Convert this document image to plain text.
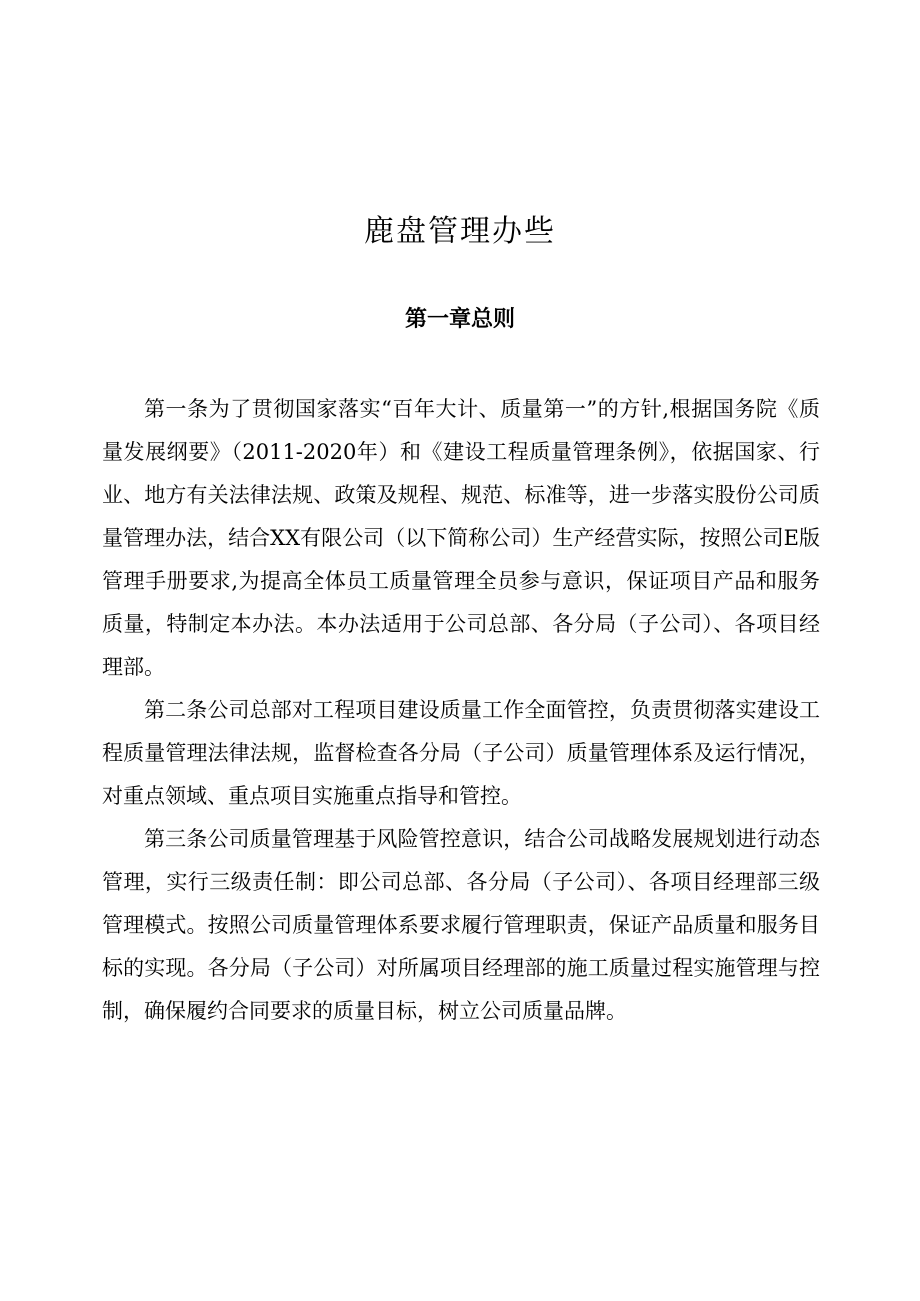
鹿盘管理办些
第一章总则

第一条为了贯彻国家落实“百年大计、质量第一”的方针,根据国务院《质量发展纲要》（2011-2020年）和《建设工程质量管理条例》，依据国家、行业、地方有关法律法规、政策及规程、规范、标准等，进一步落实股份公司质量管理办法，结合XX有限公司（以下简称公司）生产经营实际，按照公司E版管理手册要求,为提高全体员工质量管理全员参与意识，保证项目产品和服务质量，特制定本办法。本办法适用于公司总部、各分局（子公司）、各项目经理部。

第二条公司总部对工程项目建设质量工作全面管控，负责贯彻落实建设工程质量管理法律法规，监督检查各分局（子公司）质量管理体系及运行情况，对重点领域、重点项目实施重点指导和管控。

第三条公司质量管理基于风险管控意识，结合公司战略发展规划进行动态管理，实行三级责任制：即公司总部、各分局（子公司）、各项目经理部三级管理模式。按照公司质量管理体系要求履行管理职责，保证产品质量和服务目标的实现。各分局（子公司）对所属项目经理部的施工质量过程实施管理与控制，确保履约合同要求的质量目标，树立公司质量品牌。
